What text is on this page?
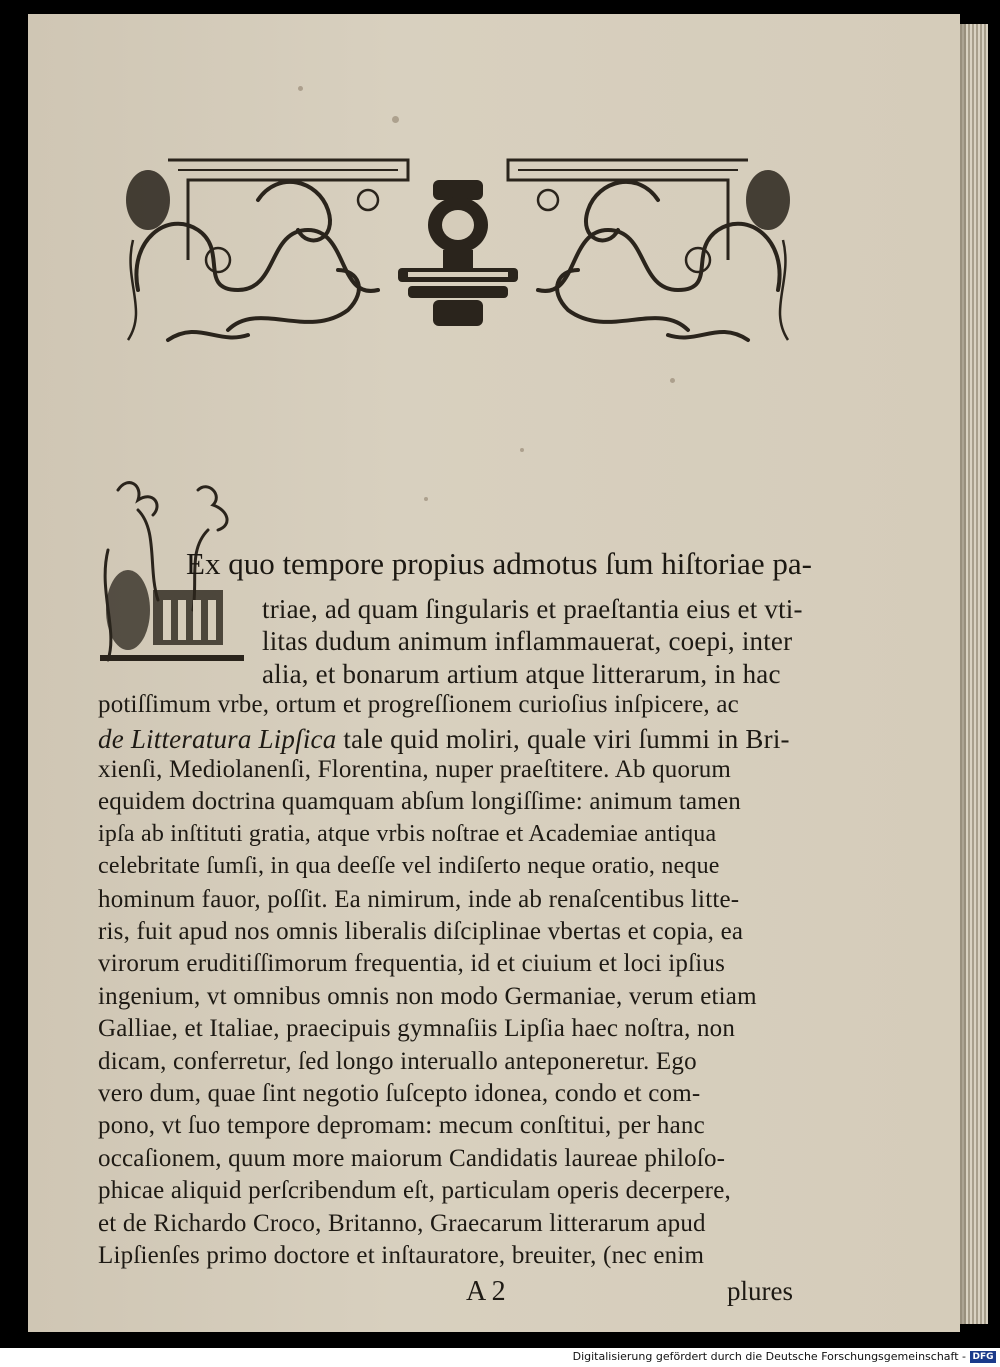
Ex quo tempore propius admotus ſum hiſtoriae pa-
triae, ad quam ſingularis et praeſtantia eius et vti-
litas dudum animum inflammauerat, coepi, inter
alia, et bonarum artium atque litterarum, in hac
potiſſimum vrbe, ortum et progreſſionem curioſius inſpicere, ac
de Litteratura Lipſica tale quid moliri, quale viri ſummi in Bri-
xienſi, Mediolanenſi, Florentina, nuper praeſtitere. Ab quorum
equidem doctrina quamquam abſum longiſſime: animum tamen
ipſa ab inſtituti gratia, atque vrbis noſtrae et Academiae antiqua
celebritate ſumſi, in qua deeſſe vel indiſerto neque oratio, neque
hominum fauor, poſſit. Ea nimirum, inde ab renaſcentibus litte-
ris, fuit apud nos omnis liberalis diſciplinae vbertas et copia, ea
virorum eruditiſſimorum frequentia, id et ciuium et loci ipſius
ingenium, vt omnibus omnis non modo Germaniae, verum etiam
Galliae, et Italiae, praecipuis gymnaſiis Lipſia haec noſtra, non
dicam, conferretur, ſed longo interuallo anteponeretur. Ego
vero dum, quae ſint negotio ſuſcepto idonea, condo et com-
pono, vt ſuo tempore depromam: mecum conſtitui, per hanc
occaſionem, quum more maiorum Candidatis laureae philoſo-
phicae aliquid perſcribendum eſt, particulam operis decerpere,
et de Richardo Croco, Britanno, Graecarum litterarum apud
A 2	plures
Digitalisierung gefördert durch die Deutsche Forschungsgemeinschaft - DFG
Lipſienſes primo doctore et inſtauratore, breuiter, (nec enim
